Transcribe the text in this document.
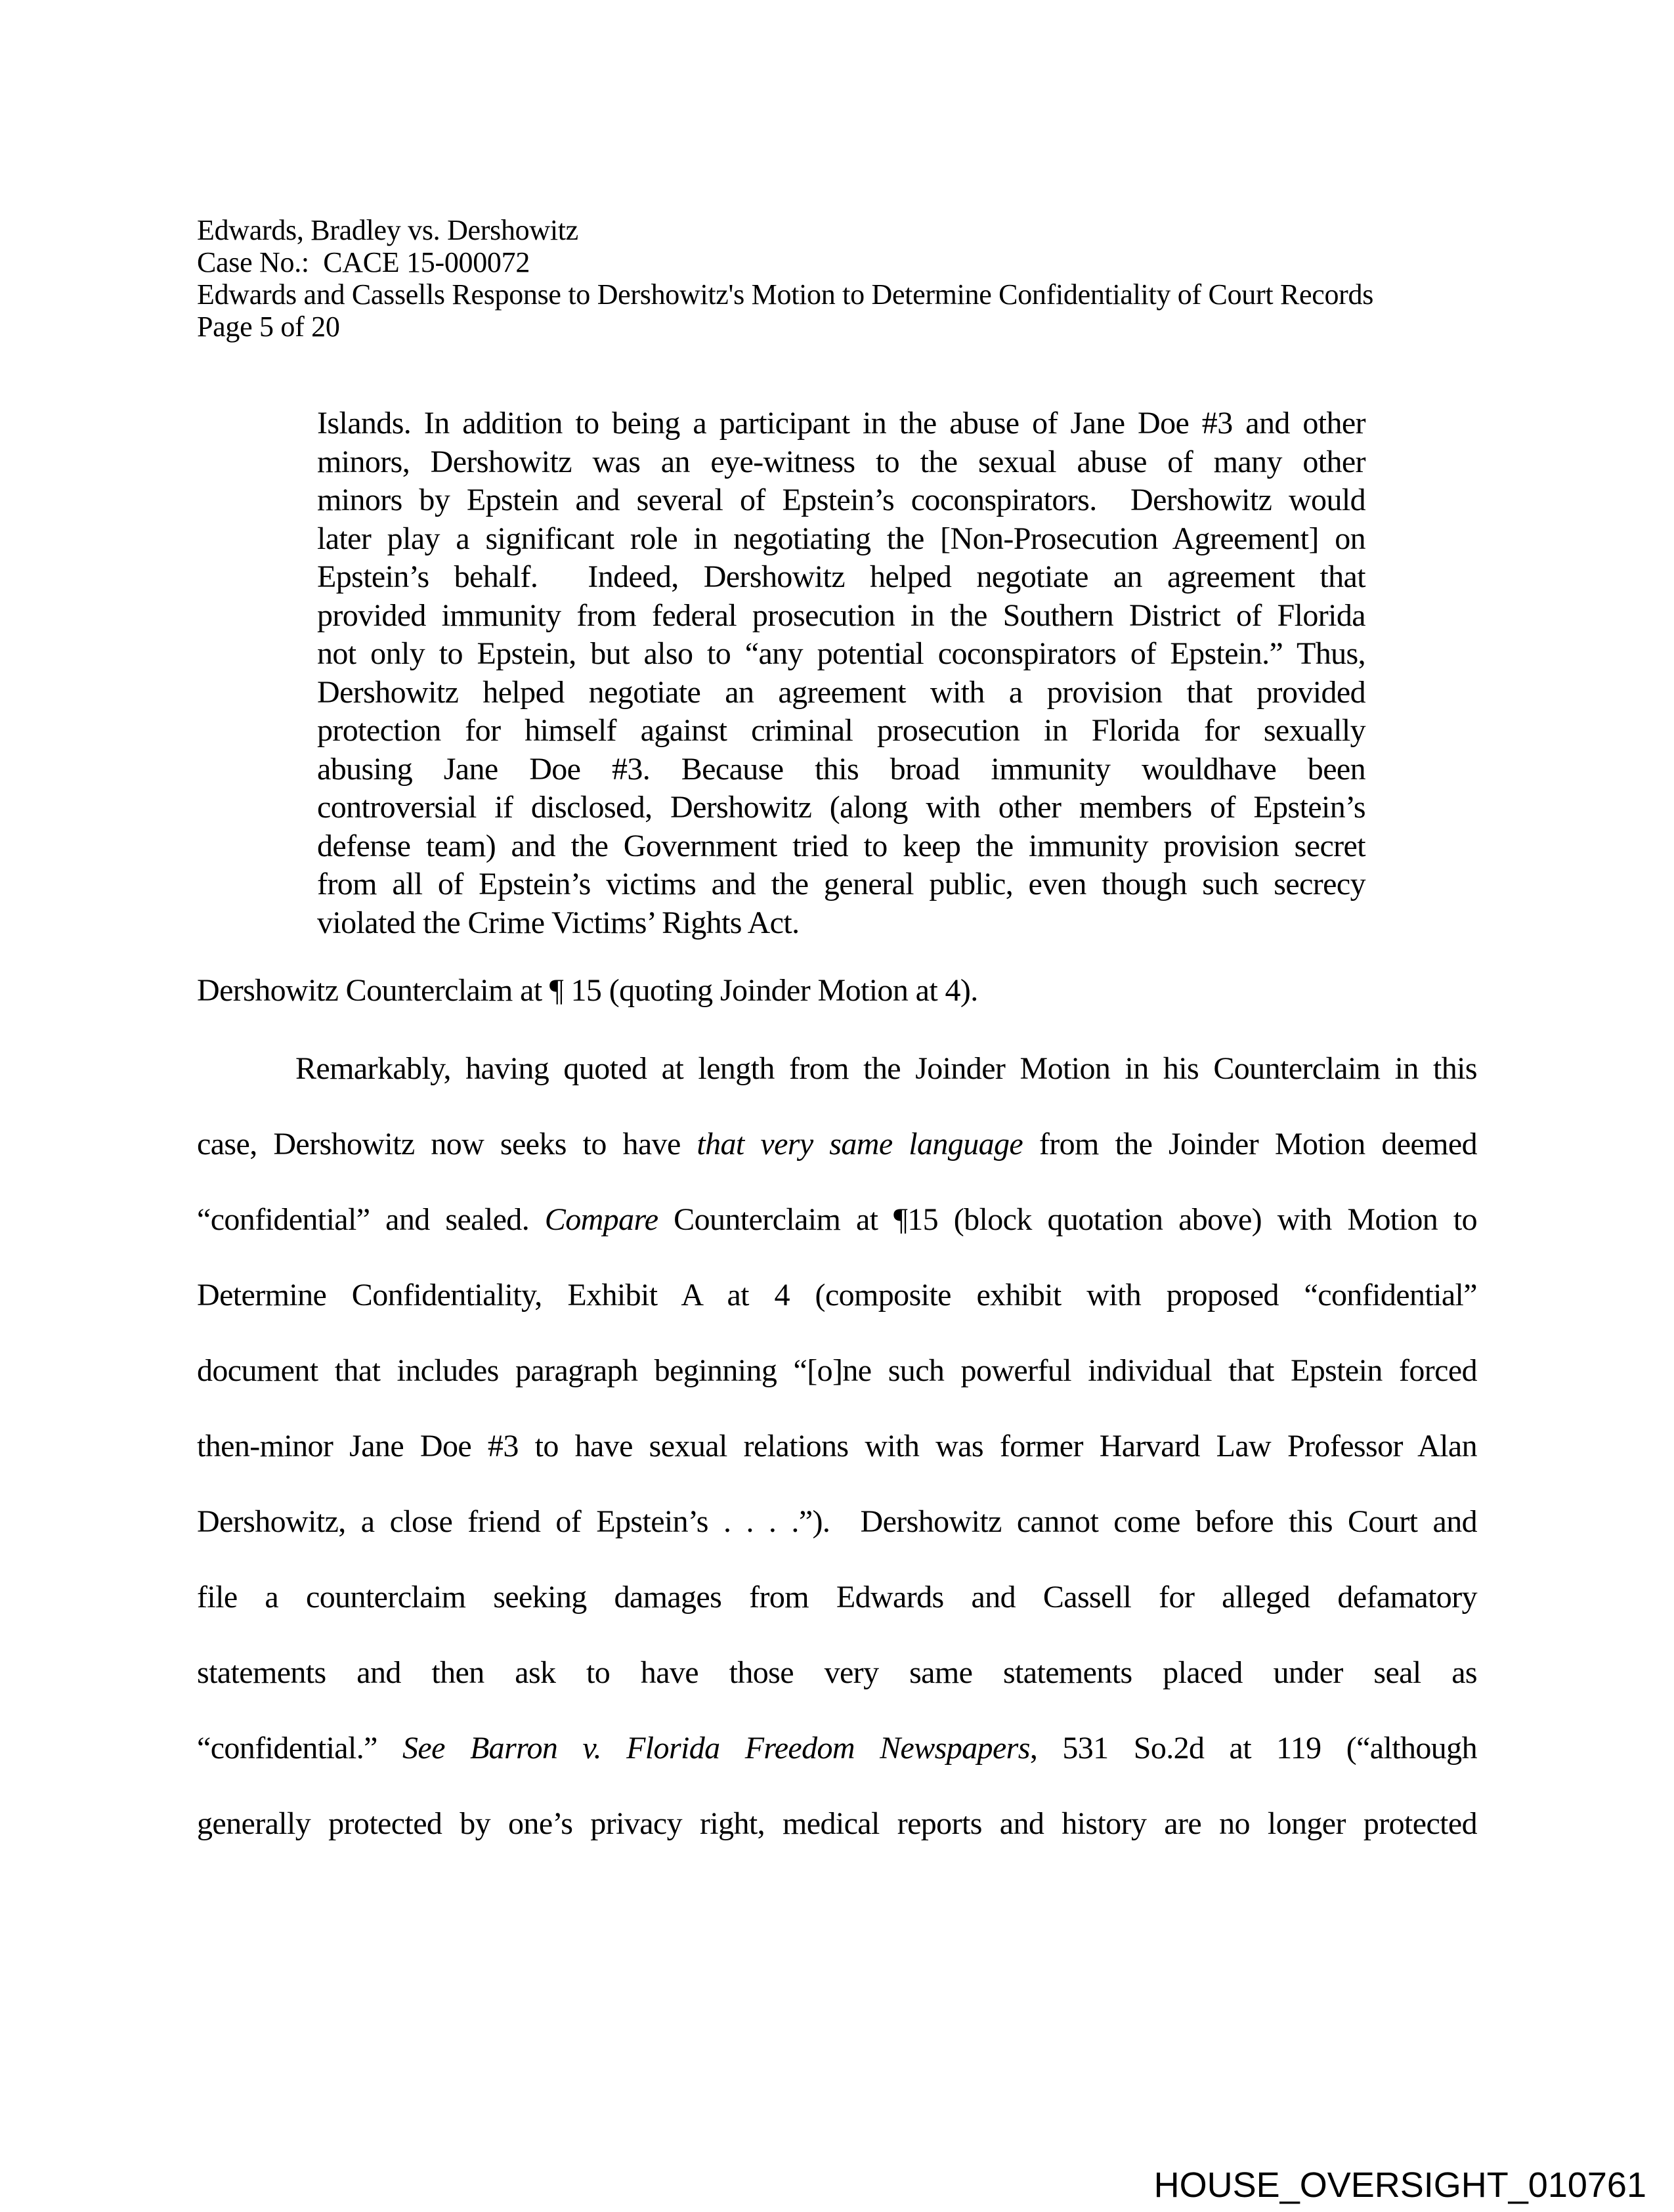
Edwards, Bradley vs. Dershowitz
Case No.:  CACE 15-000072
Edwards and Cassells Response to Dershowitz's Motion to Determine Confidentiality of Court Records
Page 5 of 20
Islands. In addition to being a participant in the abuse of Jane Doe #3 and other
minors, Dershowitz was an eye-witness to the sexual abuse of many other
minors by Epstein and several of Epstein’s coconspirators.  Dershowitz would
later play a significant role in negotiating the [Non-Prosecution Agreement] on
Epstein’s behalf.  Indeed, Dershowitz helped negotiate an agreement that
provided immunity from federal prosecution in the Southern District of Florida
not only to Epstein, but also to “any potential coconspirators of Epstein.” Thus,
Dershowitz helped negotiate an agreement with a provision that provided
protection for himself against criminal prosecution in Florida for sexually
abusing Jane Doe #3. Because this broad immunity wouldhave been
controversial if disclosed, Dershowitz (along with other members of Epstein’s
defense team) and the Government tried to keep the immunity provision secret
from all of Epstein’s victims and the general public, even though such secrecy
violated the Crime Victims’ Rights Act.
Dershowitz Counterclaim at ¶ 15 (quoting Joinder Motion at 4).
Remarkably, having quoted at length from the Joinder Motion in his Counterclaim in this
case, Dershowitz now seeks to have that very same language from the Joinder Motion deemed
“confidential” and sealed. Compare Counterclaim at ¶15 (block quotation above) with Motion to
Determine Confidentiality, Exhibit A at 4 (composite exhibit with proposed “confidential”
document that includes paragraph beginning “[o]ne such powerful individual that Epstein forced
then-minor Jane Doe #3 to have sexual relations with was former Harvard Law Professor Alan
Dershowitz, a close friend of Epstein’s . . . .”).  Dershowitz cannot come before this Court and
file a counterclaim seeking damages from Edwards and Cassell for alleged defamatory
statements and then ask to have those very same statements placed under seal as
“confidential.” See Barron v. Florida Freedom Newspapers, 531 So.2d at 119 (“although
generally protected by one’s privacy right, medical reports and history are no longer protected
HOUSE_OVERSIGHT_010761
